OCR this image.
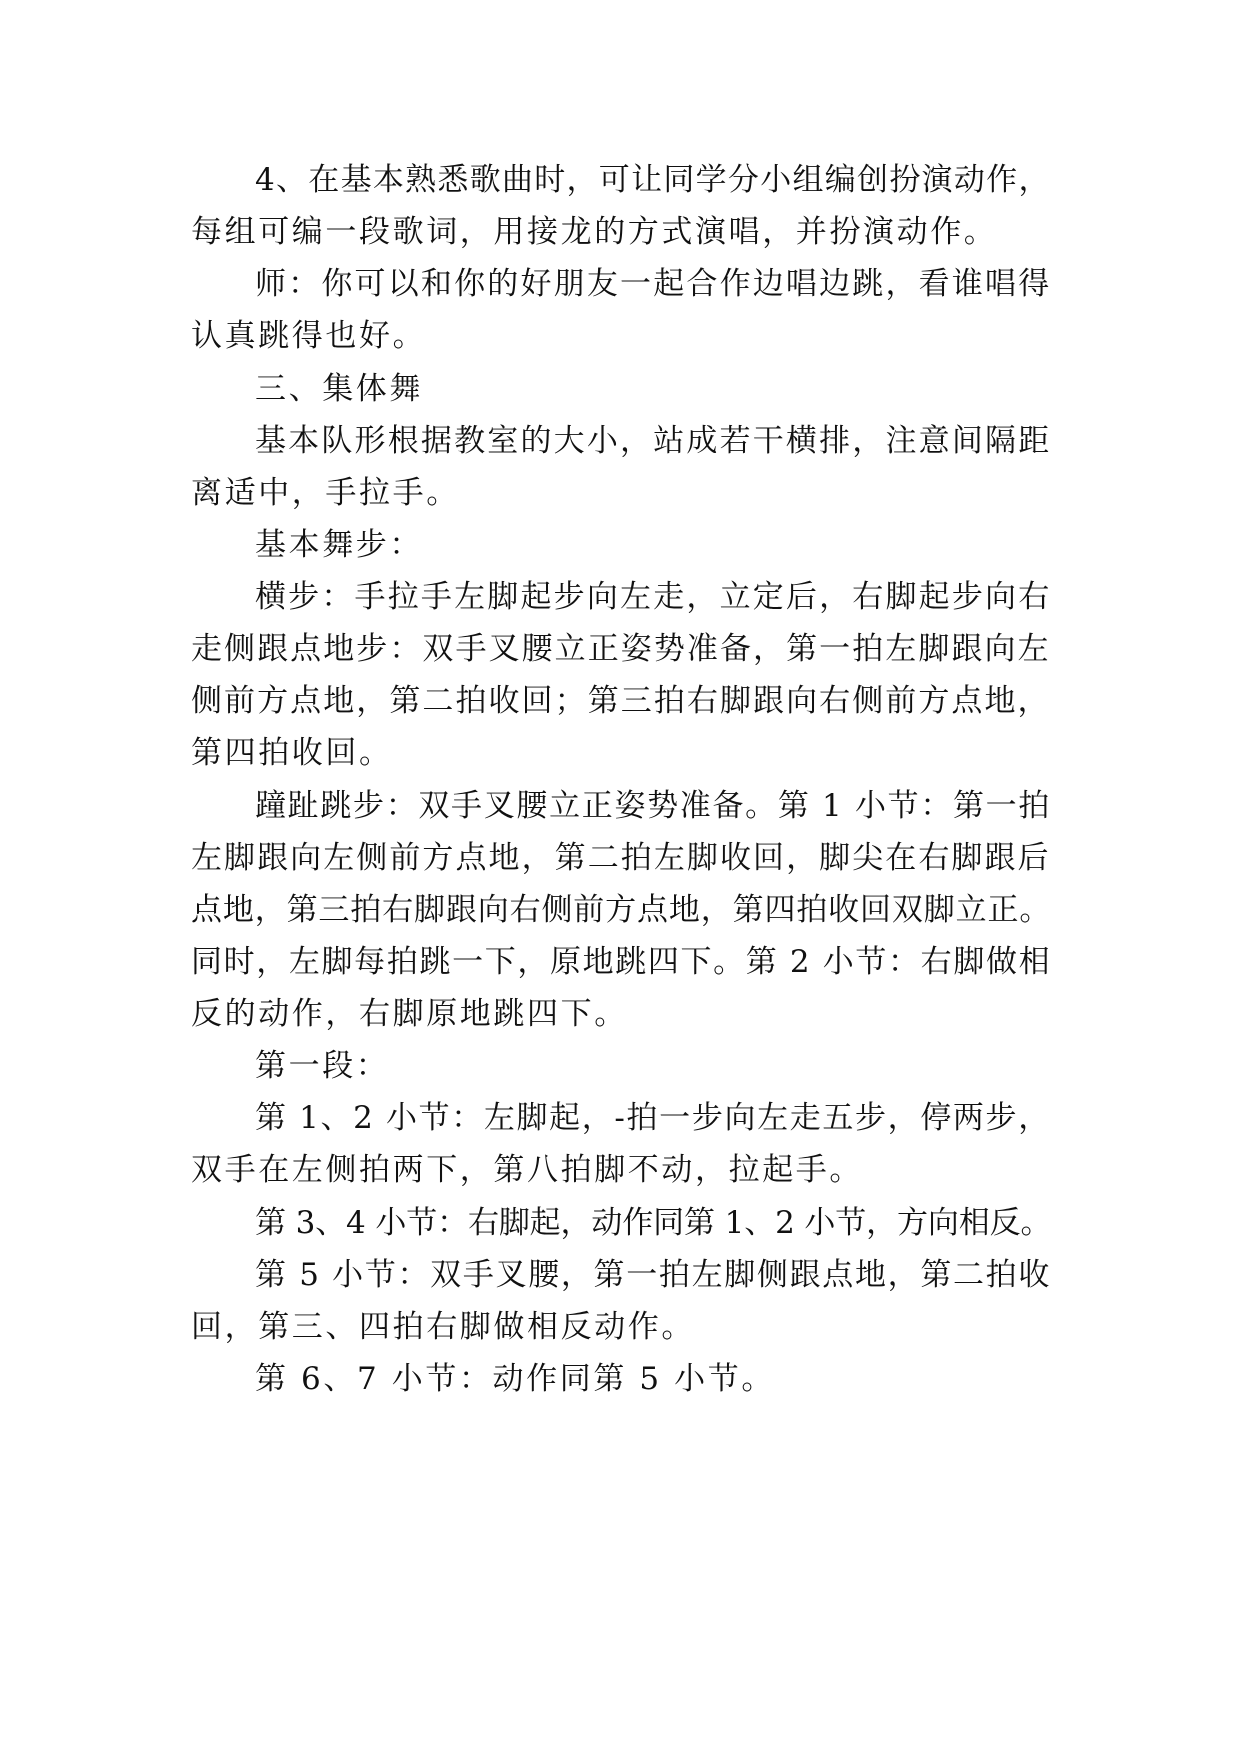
4、在基本熟悉歌曲时，可让同学分小组编创扮演动作，
每组可编一段歌词，用接龙的方式演唱，并扮演动作。
师：你可以和你的好朋友一起合作边唱边跳，看谁唱得
认真跳得也好。
三、集体舞
基本队形根据教室的大小，站成若干横排，注意间隔距
离适中，手拉手。
基本舞步：
横步：手拉手左脚起步向左走，立定后，右脚起步向右
走侧跟点地步：双手叉腰立正姿势准备，第一拍左脚跟向左
侧前方点地，第二拍收回；第三拍右脚跟向右侧前方点地，
第四拍收回。
蹱趾跳步：双手叉腰立正姿势准备。第 1 小节：第一拍
左脚跟向左侧前方点地，第二拍左脚收回，脚尖在右脚跟后
点地，第三拍右脚跟向右侧前方点地，第四拍收回双脚立正。
同时，左脚每拍跳一下，原地跳四下。第 2 小节：右脚做相
反的动作，右脚原地跳四下。
第一段：
第 1、2 小节：左脚起，-拍一步向左走五步，停两步，
双手在左侧拍两下，第八拍脚不动，拉起手。
第 3、4 小节：右脚起，动作同第 1、2 小节，方向相反。
第 5 小节：双手叉腰，第一拍左脚侧跟点地，第二拍收
回，第三、四拍右脚做相反动作。
第 6、7 小节：动作同第 5 小节。
